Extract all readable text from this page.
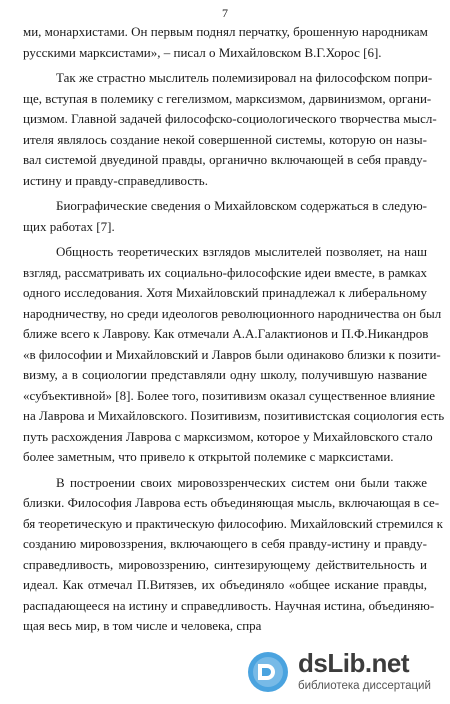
7
ми, монархистами. Он первым поднял перчатку, брошенную народникам
русскими марксистами», – писал о Михайловском В.Г.Хорос [6].
Так же страстно мыслитель полемизировал на философском попри-
ще, вступая в полемику с гегелизмом, марксизмом, дарвинизмом, органи-
цизмом. Главной задачей философско-социологического творчества мысл-
ителя являлось создание некой совершенной системы, которую он назы-
вал системой двуединой правды, органично включающей в себя правду-
истину и правду-справедливость.
Биографические сведения о Михайловском содержаться в следую-
щих работах [7].
Общность теоретических взглядов мыслителей позволяет, на наш
взгляд, рассматривать их социально-философские идеи вместе, в рамках
одного исследования. Хотя Михайловский принадлежал к либеральному
народничеству, но среди идеологов революционного народничества он был
ближе всего к Лаврову. Как отмечали А.А.Галактионов и П.Ф.Никандров
«в философии и Михайловский и Лавров были одинаково близки к позити-
визму, а в социологии представляли одну школу, получившую название
«субъективной» [8]. Более того, позитивизм оказал существенное влияние
на Лаврова и Михайловского. Позитивизм, позитивистская социология есть
путь расхождения Лаврова с марксизмом, которое у Михайловского стало
более заметным, что привело к открытой полемике с марксистами.
В построении своих мировоззренческих систем они были также
близки. Философия Лаврова есть объединяющая мысль, включающая в се-
бя теоретическую и практическую философию. Михайловский стремился к
созданию мировоззрения, включающего в себя правду-истину и правду-
справедливость, мировоззрению, синтезирующему действительность и
идеал. Как отмечал П.Витязев, их объединяло «общее искание правды,
распадающееся на истину и справедливость. Научная истина, объединяю-
щая весь мир, в том числе и человека, спра
dsLib.net
библиотека диссертаций
